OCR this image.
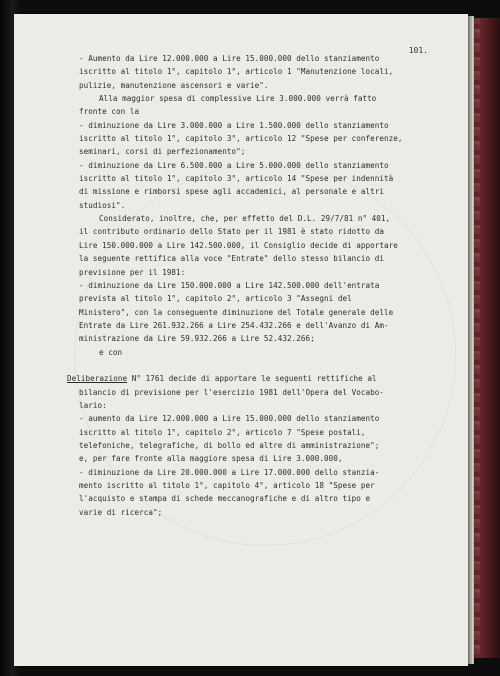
101.
- Aumento da Lire 12.000.000 a Lire 15.000.000 dello stanziamento
iscritto al titolo 1°, capitolo 1°, articolo 1 "Manutenzione locali,
pulizie, manutenzione ascensori e varie".
Alla maggior spesa di complessive Lire 3.000.000 verrà fatto
fronte con la
- diminuzione da Lire 3.000.000 a Lire 1.500.000 dello stanziamento
iscritto al titolo 1°, capitolo 3°, articolo 12 "Spese per conferenze,
seminari, corsi di perfezionamento";
- diminuzione da Lire 6.500.000 a Lire 5.000.000 dello stanziamento
iscritto al titolo 1°, capitolo 3°, articolo 14 "Spese per indennità
di missione e rimborsi spese agli accademici, al personale e altri
studiosi".
Considerato, inoltre, che, per effetto del D.L. 29/7/81 n° 401,
il contributo ordinario dello Stato per il 1981 è stato ridotto da
Lire 150.000.000 a Lire 142.500.000, il Consiglio decide di apportare
la seguente rettifica alla voce "Entrate" dello stesso bilancio di
previsione per il 1981:
- diminuzione da Lire 150.000.000 a Lire 142.500.000 dell'entrata
prevista al titolo 1°, capitolo 2°, articolo 3 "Assegni del
Ministero", con la conseguente diminuzione del Totale generale delle
Entrate da Lire 261.932.266 a Lire 254.432.266 e dell'Avanzo di Am-
ministrazione da Lire 59.932.266 a Lire 52.432.266;
e con

Deliberazione N° 1761 decide di apportare le seguenti rettifiche al
bilancio di previsione per l'esercizio 1981 dell'Opera del Vocabo-
lario:
- aumento da Lire 12.000.000 a Lire 15.000.000 dello stanziamento
iscritto al titolo 1°, capitolo 2°, articolo 7 "Spese postali,
telefoniche, telegrafiche, di bollo ed altre di amministrazione";
e, per fare fronte alla maggiore spesa di Lire 3.000.000,
- diminuzione da Lire 20.000.000 a Lire 17.000.000 dello stanzia-
mento iscritto al titolo 1°, capitolo 4°, articolo 18 "Spese per
l'acquisto e stampa di schede meccanografiche e di altro tipo e
varie di ricerca";
